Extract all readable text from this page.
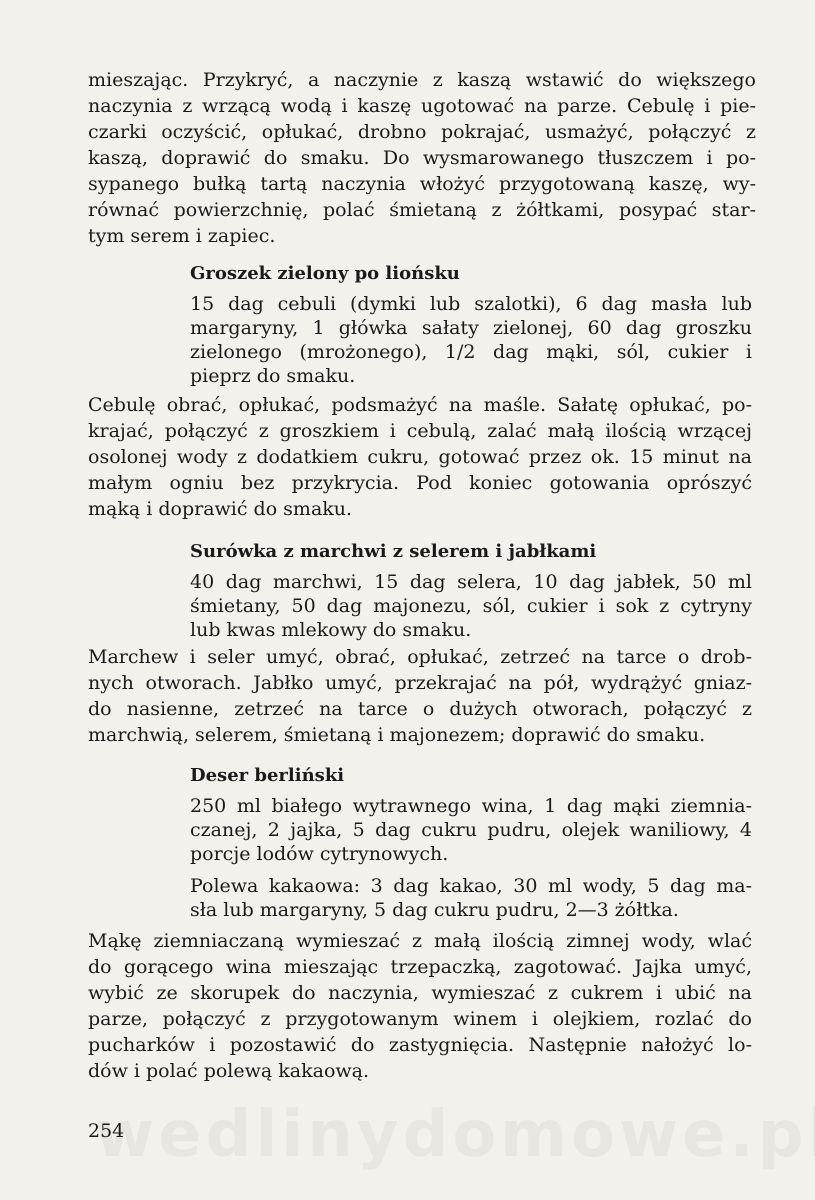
mieszając. Przykryć, a naczynie z kaszą wstawić do większego
naczynia z wrzącą wodą i kaszę ugotować na parze. Cebulę i pie-
czarki oczyścić, opłukać, drobno pokrajać, usmażyć, połączyć z
kaszą, doprawić do smaku. Do wysmarowanego tłuszczem i po-
sypanego bułką tartą naczynia włożyć przygotowaną kaszę, wy-
równać powierzchnię, polać śmietaną z żółtkami, posypać star-
tym serem i zapiec.
Groszek zielony po liońsku
15 dag cebuli (dymki lub szalotki), 6 dag masła lub
margaryny, 1 główka sałaty zielonej, 60 dag groszku
zielonego (mrożonego), 1/2 dag mąki, sól, cukier i
pieprz do smaku.
Cebulę obrać, opłukać, podsmażyć na maśle. Sałatę opłukać, po-
krajać, połączyć z groszkiem i cebulą, zalać małą ilością wrzącej
osolonej wody z dodatkiem cukru, gotować przez ok. 15 minut na
małym ogniu bez przykrycia. Pod koniec gotowania oprószyć
mąką i doprawić do smaku.
Surówka z marchwi z selerem i jabłkami
40 dag marchwi, 15 dag selera, 10 dag jabłek, 50 ml
śmietany, 50 dag majonezu, sól, cukier i sok z cytryny
lub kwas mlekowy do smaku.
Marchew i seler umyć, obrać, opłukać, zetrzeć na tarce o drob-
nych otworach. Jabłko umyć, przekrajać na pół, wydrążyć gniaz-
do nasienne, zetrzeć na tarce o dużych otworach, połączyć z
marchwią, selerem, śmietaną i majonezem; doprawić do smaku.
Deser berliński
250 ml białego wytrawnego wina, 1 dag mąki ziemnia-
czanej, 2 jajka, 5 dag cukru pudru, olejek waniliowy, 4
porcje lodów cytrynowych.
Polewa kakaowa: 3 dag kakao, 30 ml wody, 5 dag ma-
sła lub margaryny, 5 dag cukru pudru, 2—3 żółtka.
Mąkę ziemniaczaną wymieszać z małą ilością zimnej wody, wlać
do gorącego wina mieszając trzepaczką, zagotować. Jajka umyć,
wybić ze skorupek do naczynia, wymieszać z cukrem i ubić na
parze, połączyć z przygotowanym winem i olejkiem, rozlać do
pucharków i pozostawić do zastygnięcia. Następnie nałożyć lo-
dów i polać polewą kakaową.
254
